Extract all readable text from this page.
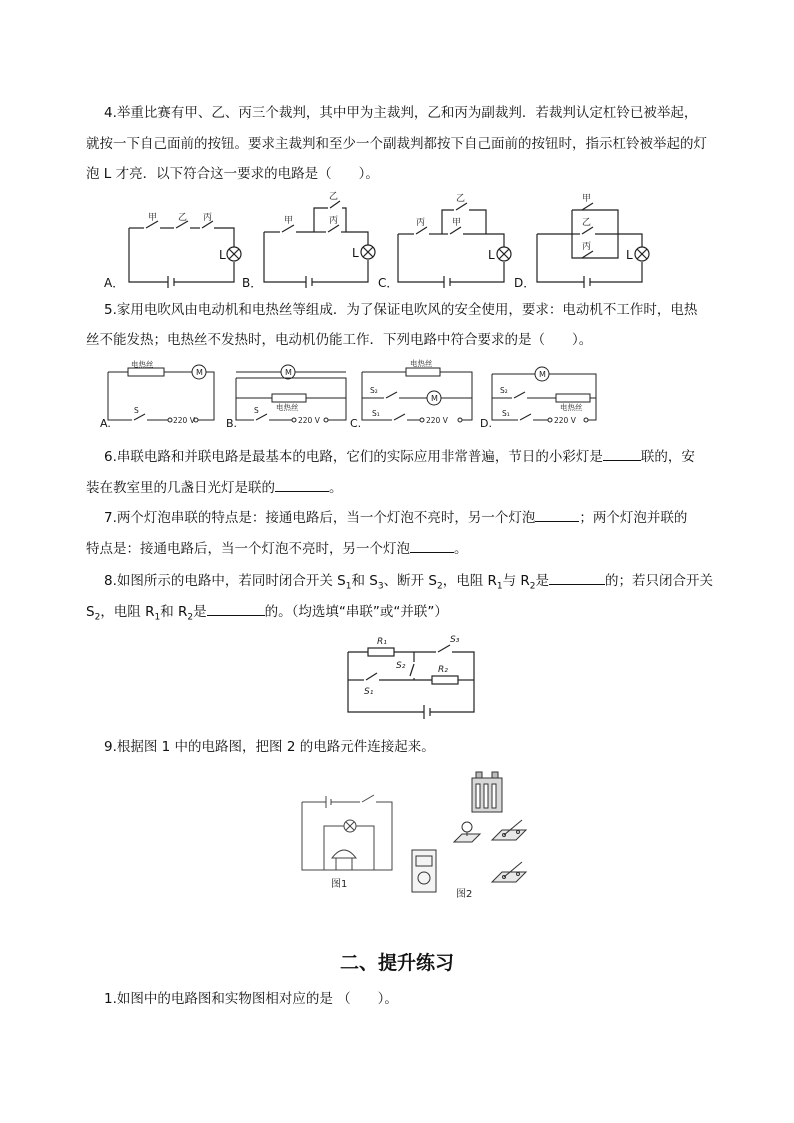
4.举重比赛有甲、乙、丙三个裁判，其中甲为主裁判，乙和丙为副裁判．若裁判认定杠铃已被举起，
就按一下自己面前的按钮。要求主裁判和至少一个副裁判都按下自己面前的按钮时，指示杠铃被举起的灯
泡 L 才亮．以下符合这一要求的电路是（　　）。
甲 乙 丙	甲
乙
丙	丙
乙
甲
甲
乙
丙
L	L	L	L
A．	B．	C．	D．
5.家用电吹风由电动机和电热丝等组成．为了保证电吹风的安全使用，要求：电动机不工作时，电热
丝不能发热；电热丝不发热时，电动机仍能工作．下列电路中符合要求的是（　　）。
电热丝
M
S
220 V
M
电热丝
S
220 V
电热丝
M
S₂
S₁
220 V
M
电热丝
S₂
S₁
220 V
A.	B.	C.	D.
6.串联电路和并联电路是最基本的电路，它们的实际应用非常普遍，节日的小彩灯是	联的，安
装在教室里的几盏日光灯是联的	。
7.两个灯泡串联的特点是：接通电路后，当一个灯泡不亮时，另一个灯泡	；两个灯泡并联的
特点是：接通电路后，当一个灯泡不亮时，另一个灯泡	。
8.如图所示的电路中，若同时闭合开关 $S_1$和 $S_3$、断开 $S_2$，电阻 $R_1$与 $R_2$是	的；若只闭合开关
$S_2$，电阻 $R_1$和 $R_2$是	的。（均选填“串联”或“并联”）
R₁
R₂
S₃
S₂
S₁
9.根据图 1 中的电路图，把图 2 的电路元件连接起来。
图1
图2
二、提升练习
1.如图中的电路图和实物图相对应的是 （　　）。
